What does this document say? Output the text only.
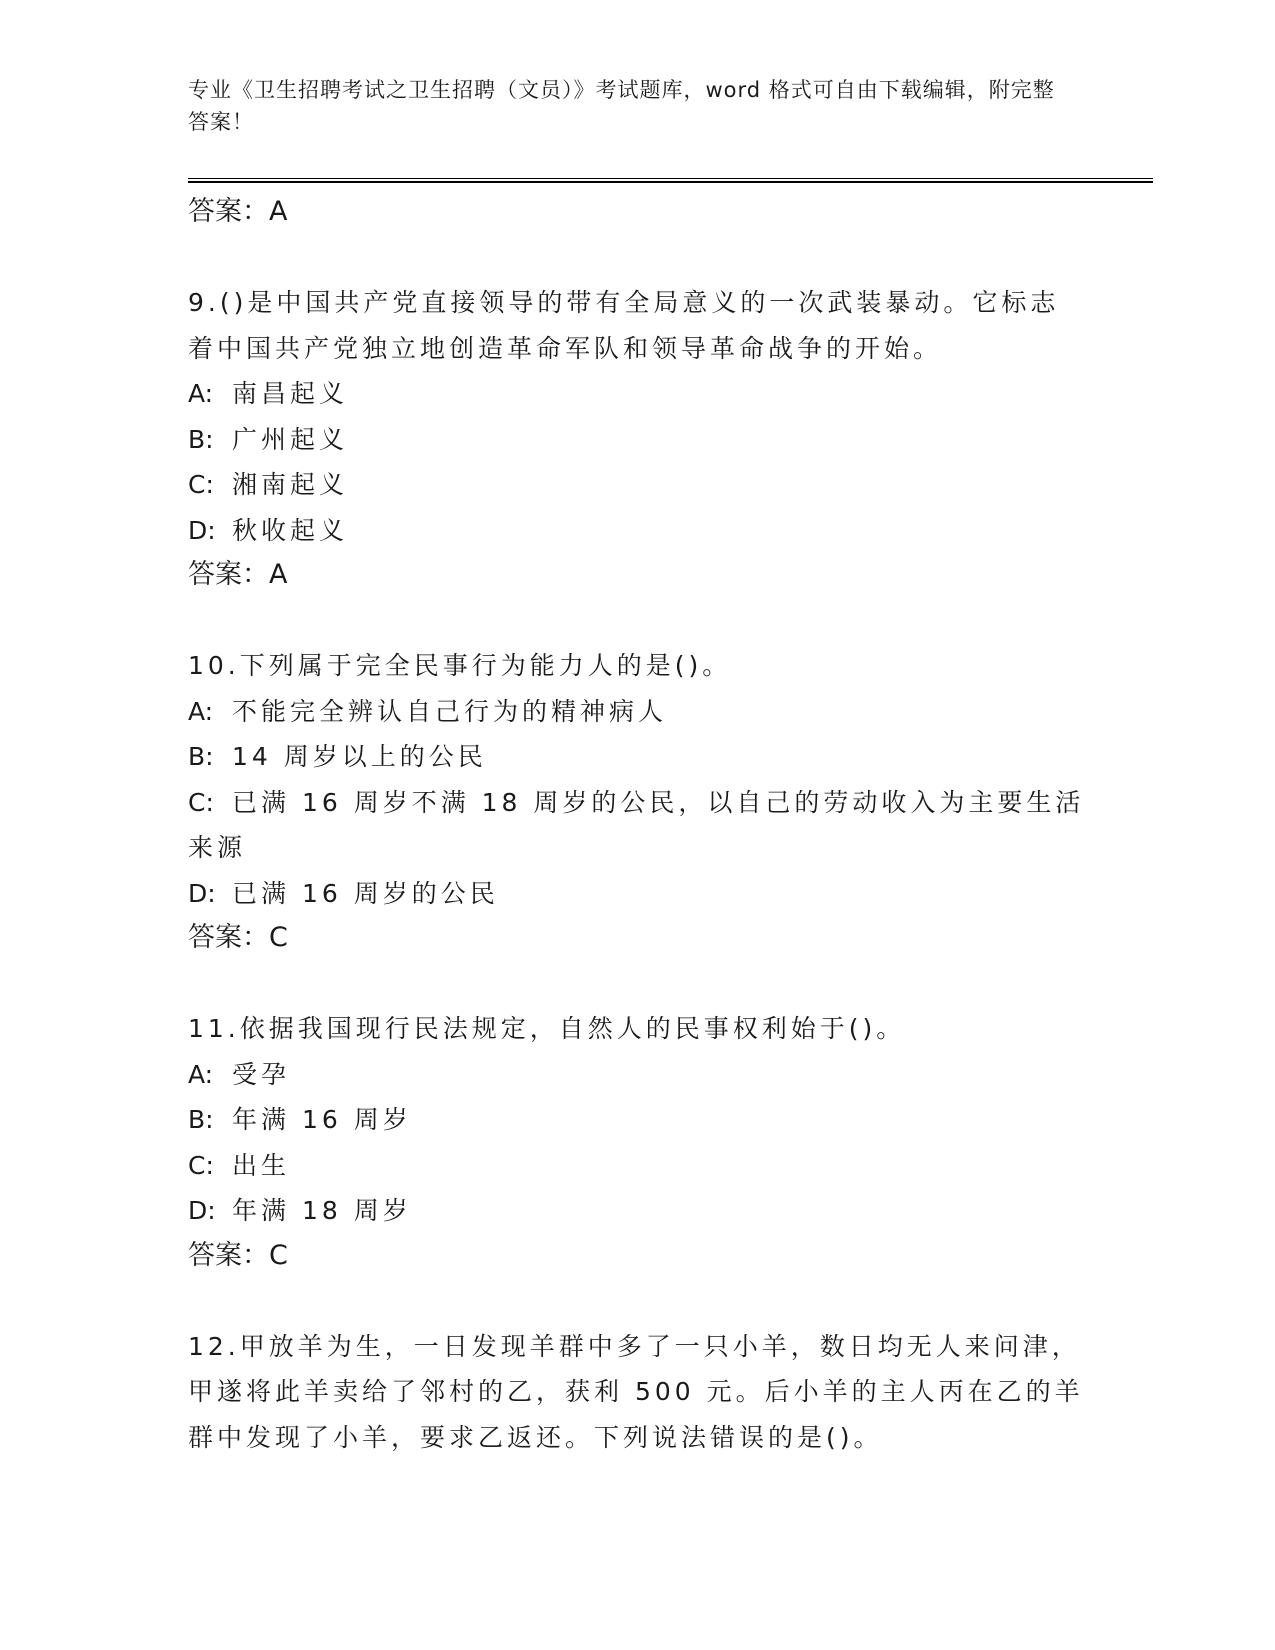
专业《卫生招聘考试之卫生招聘（文员）》考试题库，word 格式可自由下载编辑，附完整答案！
答案：A
9.()是中国共产党直接领导的带有全局意义的一次武装暴动。它标志着中国共产党独立地创造革命军队和领导革命战争的开始。
A: 南昌起义
B: 广州起义
C: 湘南起义
D: 秋收起义
答案：A
10.下列属于完全民事行为能力人的是()。
A: 不能完全辨认自己行为的精神病人
B: 14 周岁以上的公民
C: 已满 16 周岁不满 18 周岁的公民，以自己的劳动收入为主要生活来源
D: 已满 16 周岁的公民
答案：C
11.依据我国现行民法规定，自然人的民事权利始于()。
A: 受孕
B: 年满 16 周岁
C: 出生
D: 年满 18 周岁
答案：C
12.甲放羊为生，一日发现羊群中多了一只小羊，数日均无人来问津，甲遂将此羊卖给了邻村的乙，获利 500 元。后小羊的主人丙在乙的羊群中发现了小羊，要求乙返还。下列说法错误的是()。
